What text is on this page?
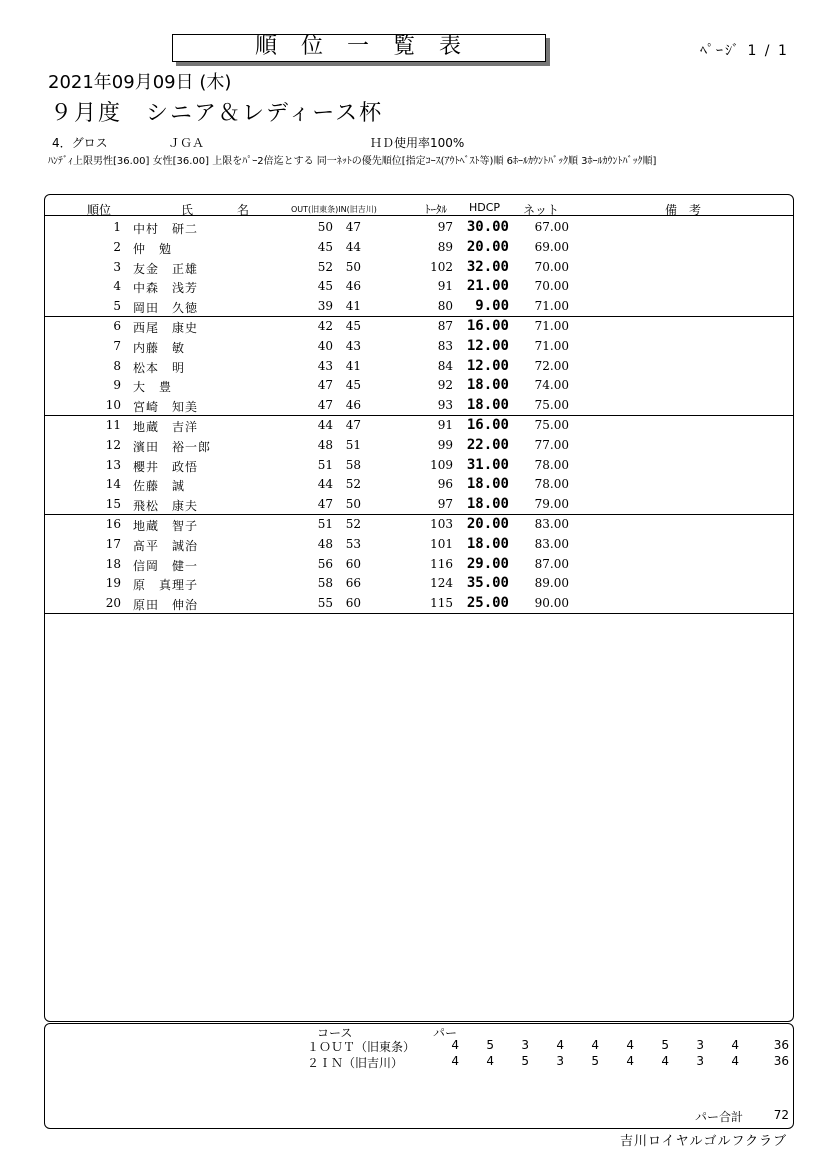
順位一覧表	ﾍﾟｰｼﾞ 1 / 1
2021年09月09日 (木)
９月度　シニア＆レディース杯
4．グロス	ＪＧＡ	ＨＤ使用率100%
ﾊﾝﾃﾞｨ上限男性[36.00] 女性[36.00] 上限をﾊﾟｰ2倍迄とする 同一ﾈｯﾄの優先順位[指定ｺｰｽ(ｱｳﾄﾍﾞｽﾄ等)順 6ﾎｰﾙｶｳﾝﾄﾊﾞｯｸ順 3ﾎｰﾙｶｳﾝﾄﾊﾞｯｸ順]
順位	氏	名	OUT(旧東条)IN(旧吉川)	ﾄｰﾀﾙ HDCP ネット	備　考
1 中村　研二	50	47	97 30.00	67.00
2 仲　勉	45	44	89 20.00	69.00
3 友金　正雄	52	50	102 32.00	70.00
4 中森　浅芳	45	46	91 21.00	70.00
5 岡田　久徳	39	41	80	9.00	71.00
6 西尾　康史	42	45	87 16.00	71.00
7 内藤　敏	40	43	83 12.00	71.00
8 松本　明	43	41	84 12.00	72.00
9 大　豊	47	45	92 18.00	74.00
10 宮崎　知美	47	46	93 18.00	75.00
11 地蔵　吉洋	44	47	91 16.00	75.00
12 濱田　裕一郎	48	51	99 22.00	77.00
13 櫻井　政悟	51	58	109 31.00	78.00
14 佐藤　誠	44	52	96 18.00	78.00
15 飛松　康夫	47	50	97 18.00	79.00
16 地蔵　智子	51	52	103 20.00	83.00
17 髙平　誠治	48	53	101 18.00	83.00
18 信岡　健一	56	60	116 29.00	87.00
19 原　真理子	58	66	124 35.00	89.00
20 原田　伸治	55	60	115 25.00	90.00
コース	パー
１ＯＵＴ（旧東条）	4	5	3	4	4	4	5	3	4	36
２ＩＮ（旧吉川）	4	4	5	3	5	4	4	3	4	36
パー合計	72
吉川ロイヤルゴルフクラブ
